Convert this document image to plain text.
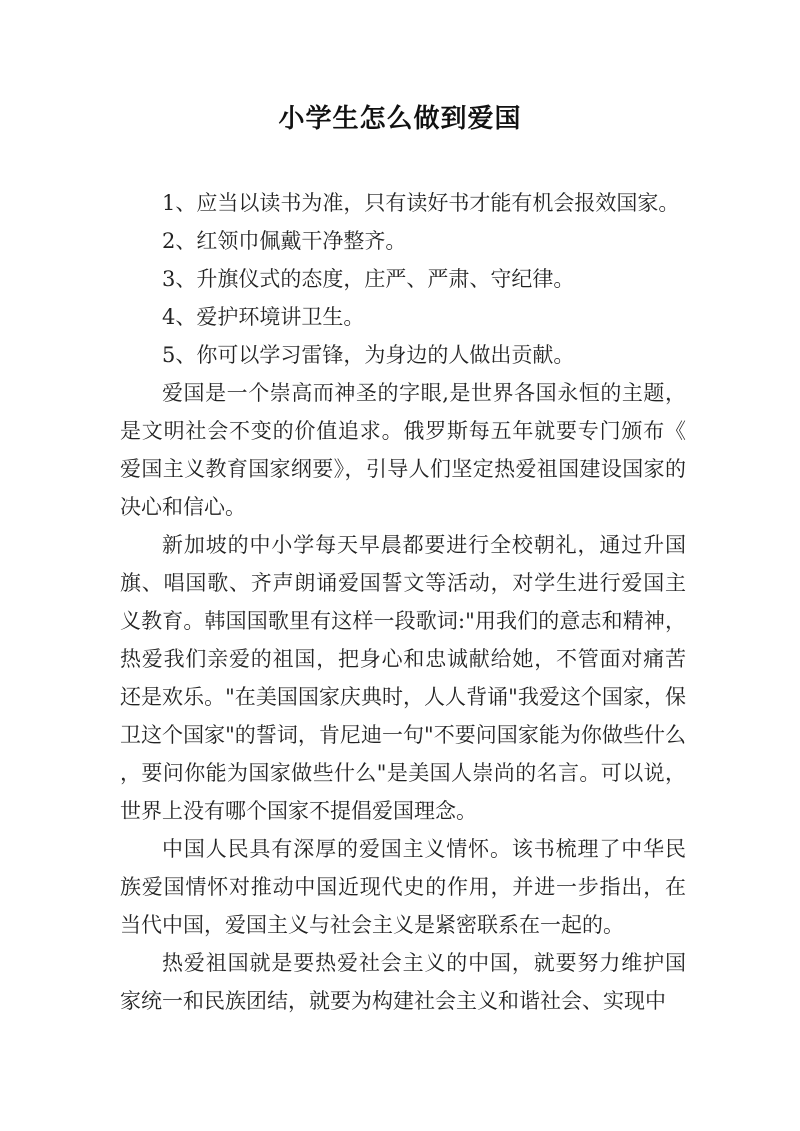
小学生怎么做到爱国

1、应当以读书为准，只有读好书才能有机会报效国家。

2、红领巾佩戴干净整齐。

3、升旗仪式的态度，庄严、严肃、守纪律。

4、爱护环境讲卫生。

5、你可以学习雷锋，为身边的人做出贡献。

爱国是一个崇高而神圣的字眼,是世界各国永恒的主题，是文明社会不变的价值追求。俄罗斯每五年就要专门颁布《爱国主义教育国家纲要》，引导人们坚定热爱祖国建设国家的决心和信心。

新加坡的中小学每天早晨都要进行全校朝礼，通过升国旗、唱国歌、齐声朗诵爱国誓文等活动，对学生进行爱国主义教育。韩国国歌里有这样一段歌词:"用我们的意志和精神，热爱我们亲爱的祖国，把身心和忠诚献给她，不管面对痛苦还是欢乐。"在美国国家庆典时，人人背诵"我爱这个国家，保卫这个国家"的誓词，肯尼迪一句"不要问国家能为你做些什么，要问你能为国家做些什么"是美国人崇尚的名言。可以说，世界上没有哪个国家不提倡爱国理念。

中国人民具有深厚的爱国主义情怀。该书梳理了中华民族爱国情怀对推动中国近现代史的作用，并进一步指出，在当代中国，爱国主义与社会主义是紧密联系在一起的。

热爱祖国就是要热爱社会主义的中国，就要努力维护国家统一和民族团结，就要为构建社会主义和谐社会、实现中
